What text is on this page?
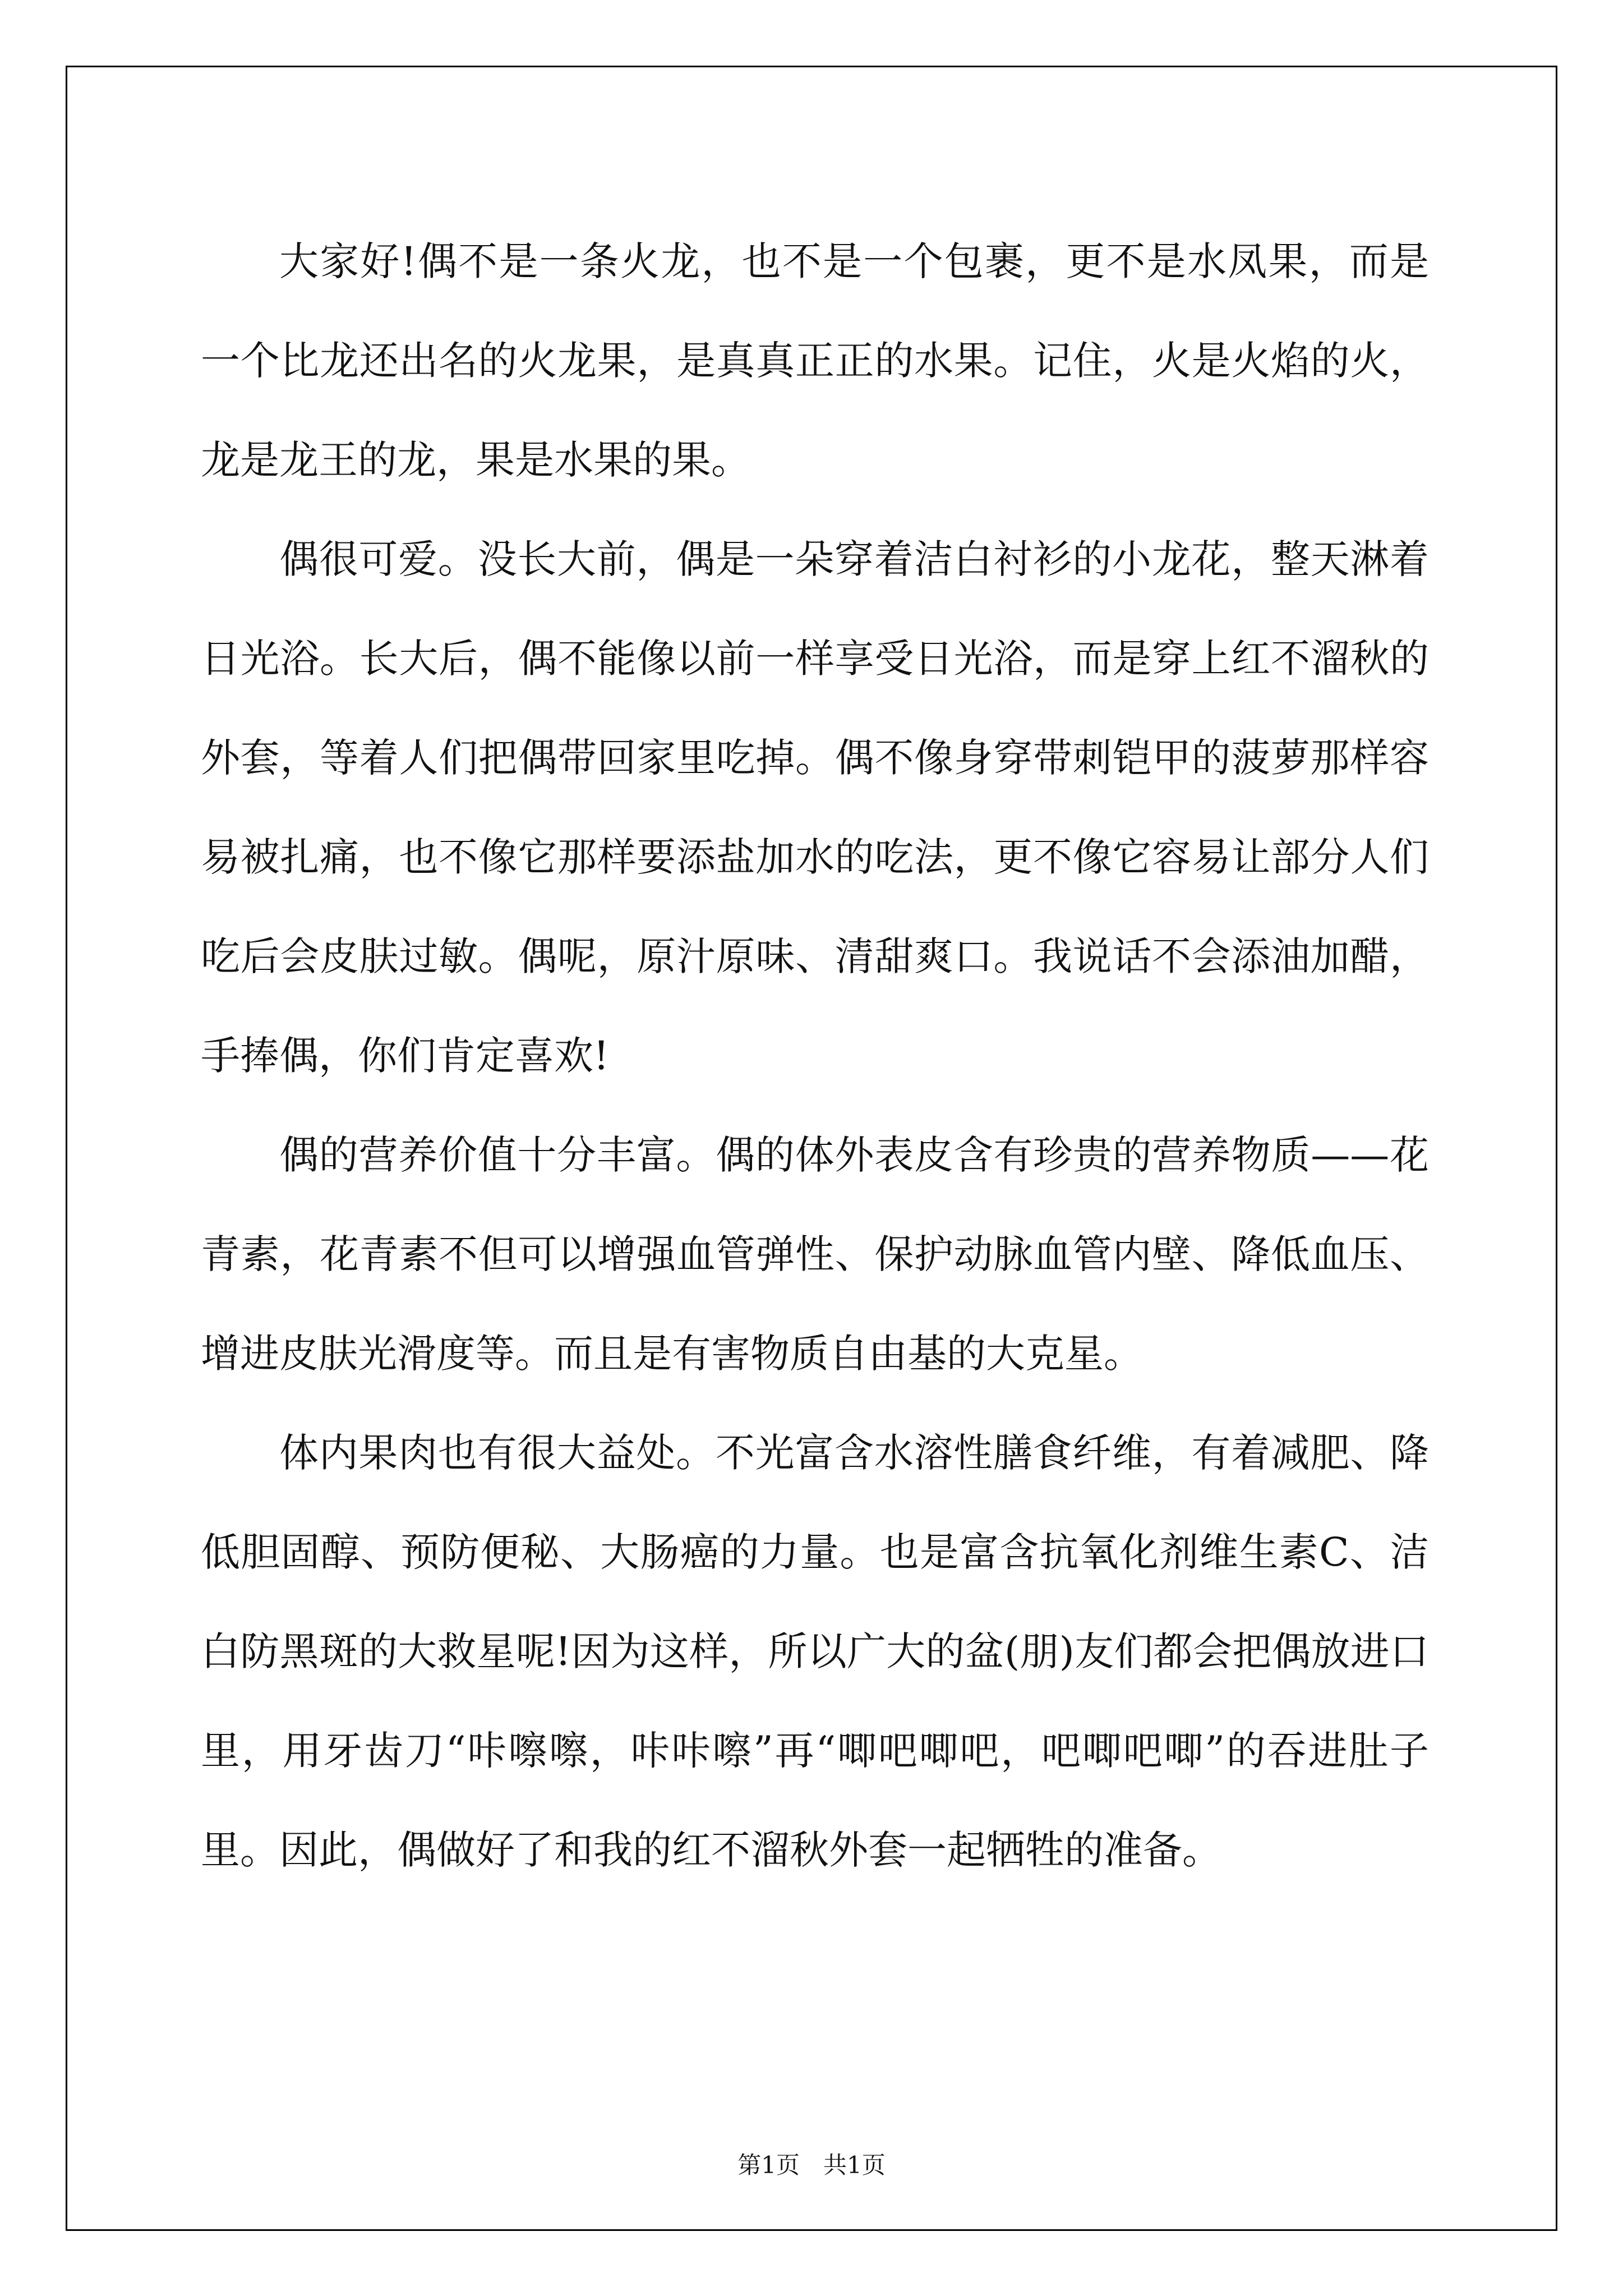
大家好!偶不是一条火龙，也不是一个包裹，更不是水凤果，而是一个比龙还出名的火龙果，是真真正正的水果。记住，火是火焰的火，龙是龙王的龙，果是水果的果。

偶很可爱。没长大前，偶是一朵穿着洁白衬衫的小龙花，整天淋着日光浴。长大后，偶不能像以前一样享受日光浴，而是穿上红不溜秋的外套，等着人们把偶带回家里吃掉。偶不像身穿带刺铠甲的菠萝那样容易被扎痛，也不像它那样要添盐加水的吃法，更不像它容易让部分人们吃后会皮肤过敏。偶呢，原汁原味、清甜爽口。我说话不会添油加醋，手捧偶，你们肯定喜欢!

偶的营养价值十分丰富。偶的体外表皮含有珍贵的营养物质——花青素，花青素不但可以增强血管弹性、保护动脉血管内壁、降低血压、增进皮肤光滑度等。而且是有害物质自由基的大克星。

体内果肉也有很大益处。不光富含水溶性膳食纤维，有着减肥、降低胆固醇、预防便秘、大肠癌的力量。也是富含抗氧化剂维生素C、洁白防黑斑的大救星呢!因为这样，所以广大的盆(朋)友们都会把偶放进口里，用牙齿刀“咔嚓嚓，咔咔嚓”再“唧吧唧吧，吧唧吧唧”的吞进肚子里。因此，偶做好了和我的红不溜秋外套一起牺牲的准备。

第1页　共1页
